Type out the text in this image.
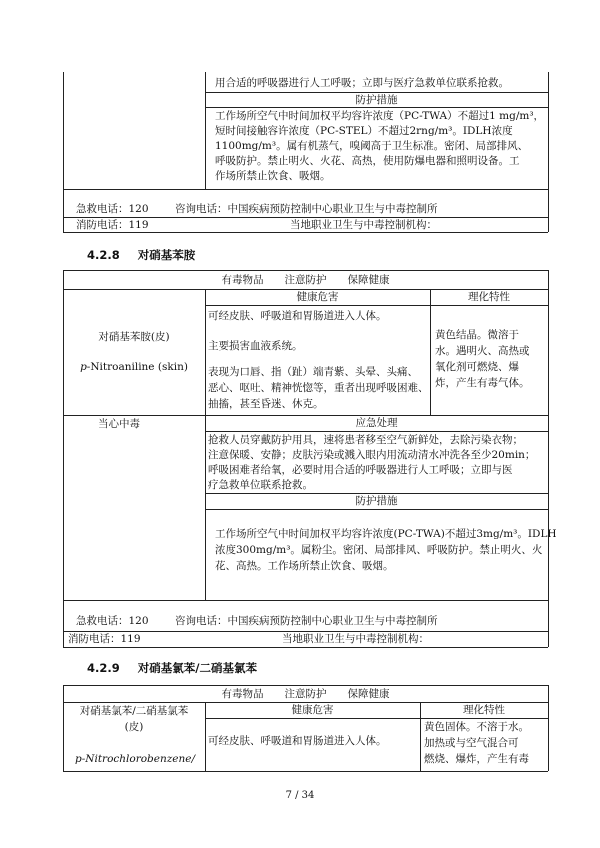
用合适的呼吸器进行人工呼吸；立即与医疗急救单位联系抢救。
防护措施
工作场所空气中时间加权平均容许浓度（PC-TWA）不超过1 mg/m³，
短时间接触容许浓度（PC-STEL）不超过2rng/m³。IDLH浓度
1100mg/m³。属有机蒸气，嗅阈高于卫生标准。密闭、局部排风、
呼吸防护。禁止明火、火花、高热，使用防爆电器和照明设备。工
作场所禁止饮食、吸烟。
急救电话：120	咨询电话：中国疾病预防控制中心职业卫生与中毒控制所
消防电话：119	当地职业卫生与中毒控制机构：
4.2.8 对硝基苯胺
有毒物品　　注意防护　　保障健康
健康危害	理化特性
对硝基苯胺(皮)
p-Nitroaniline (skin)
可经皮肤、呼吸道和胃肠道进入人体。
主要损害血液系统。
表现为口唇、指（趾）端青紫、头晕、头痛、
恶心、呕吐、精神恍惚等，重者出现呼吸困难、
抽搐，甚至昏迷、休克。
黄色结晶。微溶于
水。遇明火、高热或
氧化剂可燃烧、爆
炸，产生有毒气体。
当心中毒	应急处理
抢救人员穿戴防护用具，速将患者移至空气新鲜处，去除污染衣物；
注意保暖、安静；皮肤污染或溅入眼内用流动清水冲洗各至少20min；
呼吸困难者给氧，必要时用合适的呼吸器进行人工呼吸；立即与医
疗急救单位联系抢救。
防护措施
工作场所空气中时间加权平均容许浓度(PC-TWA)不超过3mg/m³。IDLH
浓度300mg/m³。属粉尘。密闭、局部排风、呼吸防护。禁止明火、火
花、高热。工作场所禁止饮食、吸烟。
急救电话：120	咨询电话：中国疾病预防控制中心职业卫生与中毒控制所
消防电话：119	当地职业卫生与中毒控制机构：
4.2.9 对硝基氯苯/二硝基氯苯
有毒物品　　注意防护　　保障健康
对硝基氯苯/二硝基氯苯
(皮)
p-Nitrochlorobenzene/
健康危害	理化特性
可经皮肤、呼吸道和胃肠道进入人体。
黄色固体。不溶于水。
加热或与空气混合可
燃烧、爆炸，产生有毒
7 / 34
